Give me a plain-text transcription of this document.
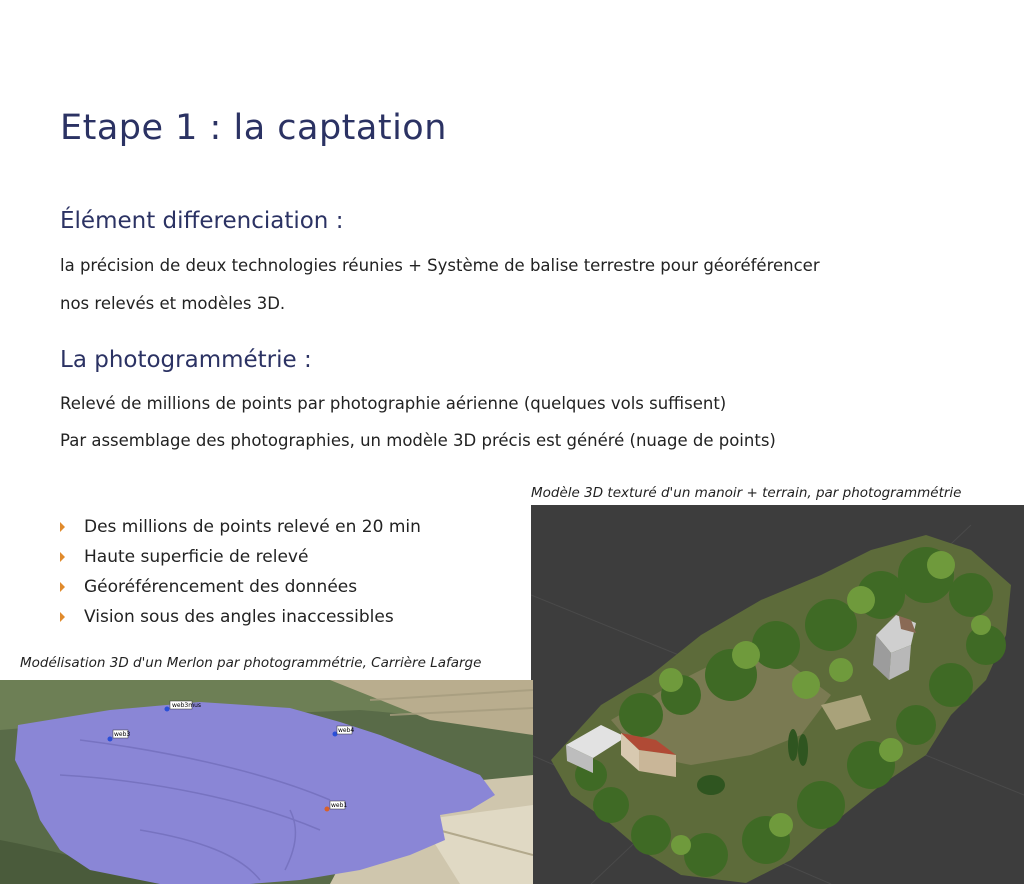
Etape 1 : la captation
Élément differenciation :

la précision de deux technologies réunies + Système de balise terrestre pour géoréférencer

nos relevés et modèles 3D.

La photogrammétrie :

Relevé de millions de points par photographie aérienne (quelques vols suffisent)

Par assemblage des photographies, un modèle 3D précis est généré (nuage de points)

Des millions de points relevé en 20 min
Haute superficie de relevé
Géoréférencement des données
Vision sous des angles inaccessibles

Modèle 3D texturé d'un manoir + terrain, par photogrammétrie

Modélisation 3D d'un Merlon par photogrammétrie, Carrière Lafarge

web3mus
web3
web4
web1
